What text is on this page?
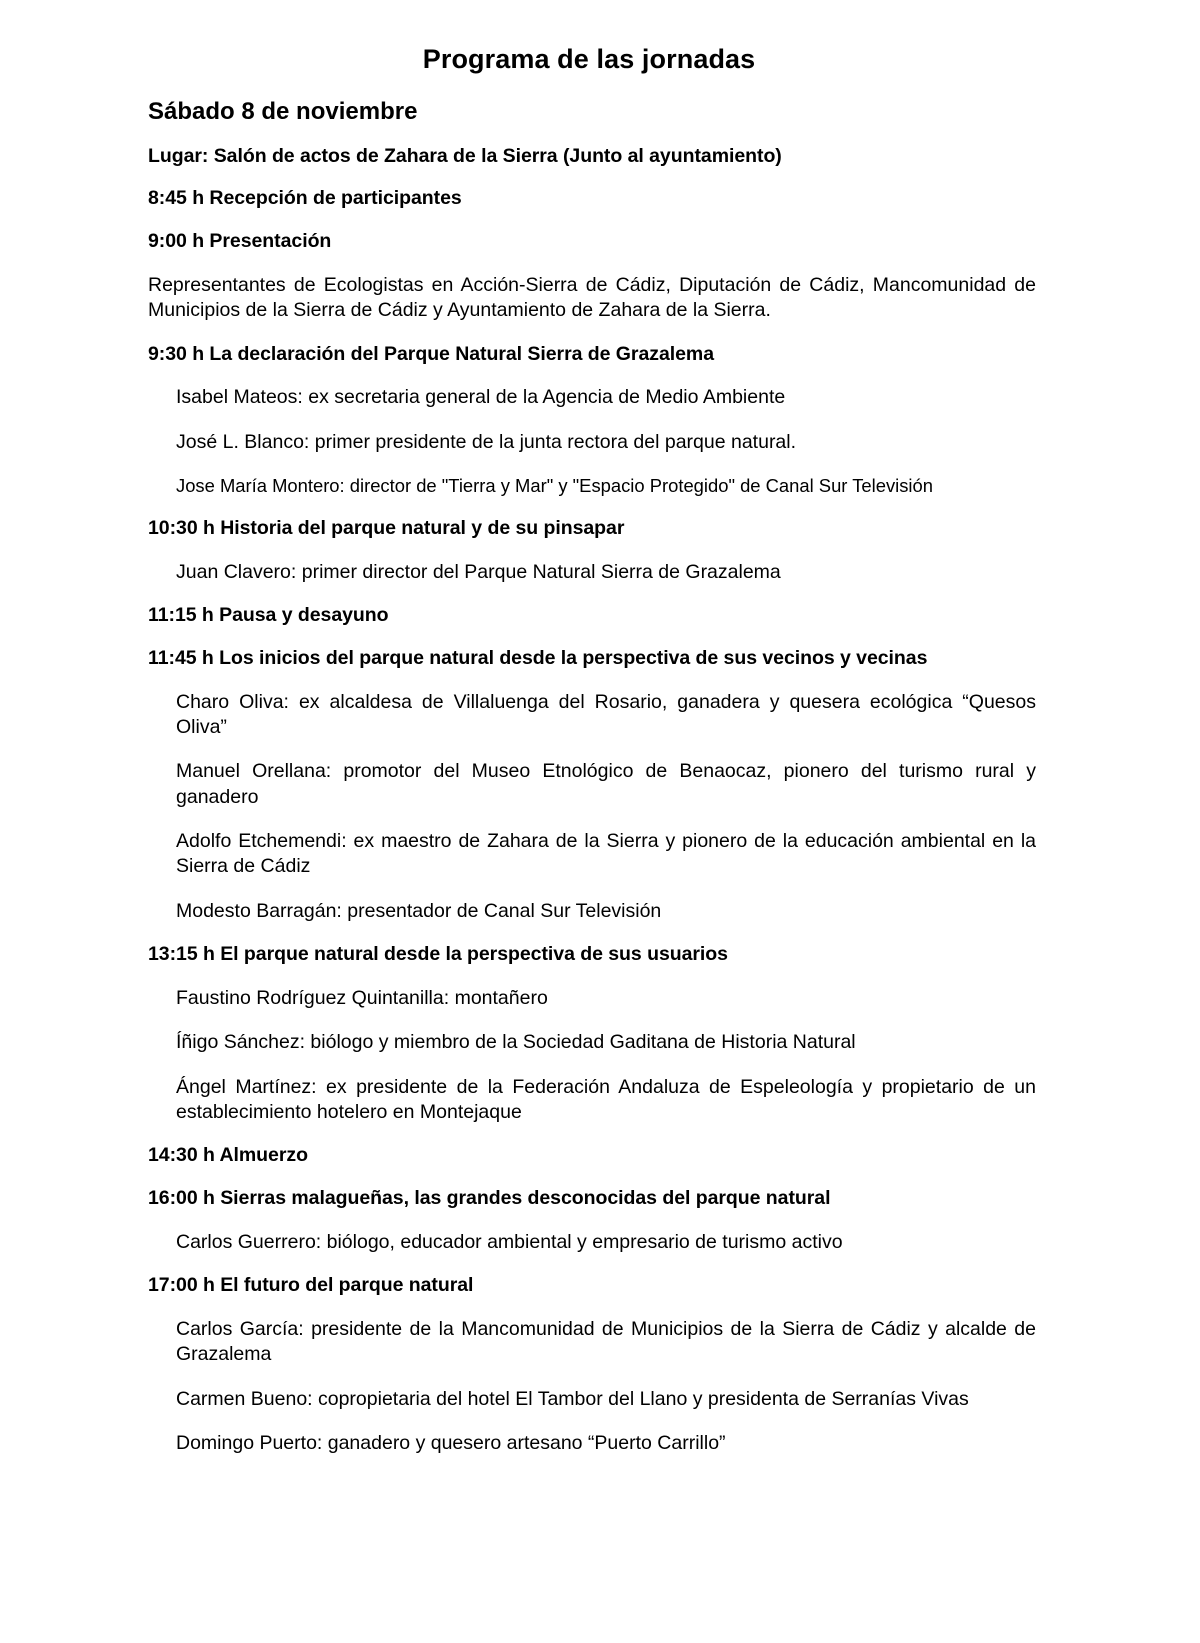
Programa de las jornadas
Sábado 8 de noviembre

Lugar: Salón de actos de Zahara de la Sierra (Junto al ayuntamiento)

8:45 h Recepción de participantes

9:00 h Presentación

Representantes de Ecologistas en Acción-Sierra de Cádiz, Diputación de Cádiz, Mancomunidad de Municipios de la Sierra de Cádiz y Ayuntamiento de Zahara de la Sierra.

9:30 h La declaración del Parque Natural Sierra de Grazalema

Isabel Mateos: ex secretaria general de la Agencia de Medio Ambiente

José L. Blanco: primer presidente de la junta rectora del parque natural.

Jose María Montero: director de "Tierra y Mar" y "Espacio Protegido" de Canal Sur Televisión

10:30 h Historia del parque natural y de su pinsapar

Juan Clavero: primer director del Parque Natural Sierra de Grazalema

11:15 h Pausa y desayuno

11:45 h Los inicios del parque natural desde la perspectiva de sus vecinos y vecinas

Charo Oliva: ex alcaldesa de Villaluenga del Rosario, ganadera y quesera ecológica “Quesos Oliva”

Manuel Orellana: promotor del Museo Etnológico de Benaocaz, pionero del turismo rural y ganadero

Adolfo Etchemendi: ex maestro de Zahara de la Sierra y pionero de la educación ambiental en la Sierra de Cádiz

Modesto Barragán: presentador de Canal Sur Televisión

13:15 h El parque natural desde la perspectiva de sus usuarios

Faustino Rodríguez Quintanilla: montañero

Íñigo Sánchez: biólogo y miembro de la Sociedad Gaditana de Historia Natural

Ángel Martínez: ex presidente de la Federación Andaluza de Espeleología y propietario de un establecimiento hotelero en Montejaque

14:30 h Almuerzo

16:00 h Sierras malagueñas, las grandes desconocidas del parque natural

Carlos Guerrero: biólogo, educador ambiental y empresario de turismo activo

17:00 h El futuro del parque natural

Carlos García: presidente de la Mancomunidad de Municipios de la Sierra de Cádiz y alcalde de Grazalema

Carmen Bueno: copropietaria del hotel El Tambor del Llano y presidenta de Serranías Vivas

Domingo Puerto: ganadero y quesero artesano “Puerto Carrillo”
